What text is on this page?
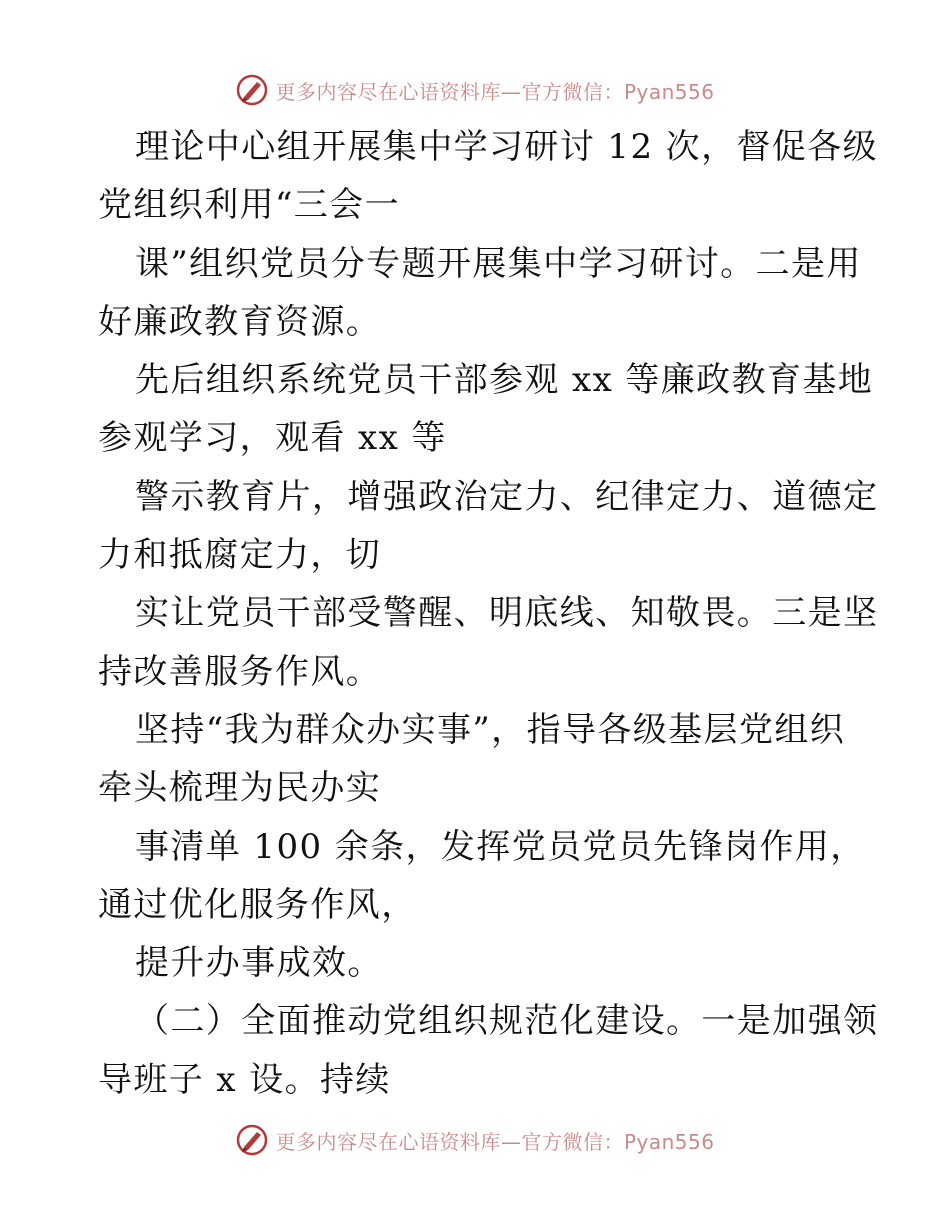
更多内容尽在心语资料库—官方微信：Pyan556
理论中心组开展集中学习研讨 12 次，督促各级
党组织利用“三会一
课”组织党员分专题开展集中学习研讨。二是用
好廉政教育资源。
先后组织系统党员干部参观 xx 等廉政教育基地
参观学习，观看 xx 等
警示教育片，增强政治定力、纪律定力、道德定
力和抵腐定力，切
实让党员干部受警醒、明底线、知敬畏。三是坚
持改善服务作风。
坚持“我为群众办实事”，指导各级基层党组织
牵头梳理为民办实
事清单 100 余条，发挥党员党员先锋岗作用，
通过优化服务作风，
提升办事成效。
（二）全面推动党组织规范化建设。一是加强领
导班子 x 设。持续
更多内容尽在心语资料库—官方微信：Pyan556
